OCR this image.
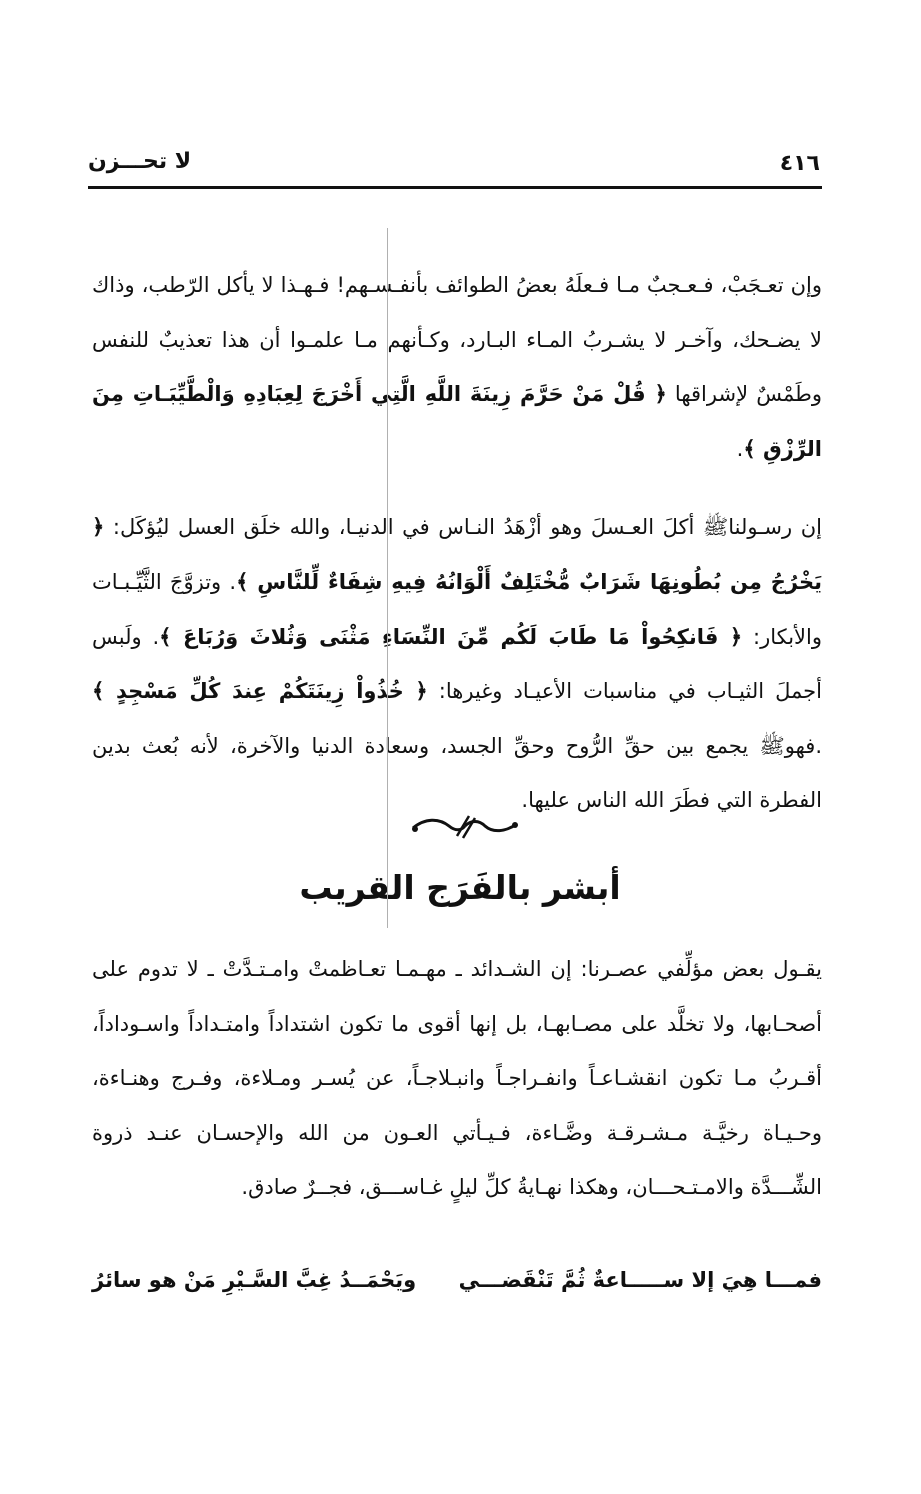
٤١٦
لا تحـــزن

وإن تعـجَبْ، فـعـجبٌ مـا فـعلَهُ بعضُ الطوائف بأنفـسـهم! فـهـذا لا يأكل الرّطب، وذاك لا يضـحك، وآخـر لا يشـربُ المـاء البـارد، وكـأنهم مـا علمـوا أن هذا تعذيبٌ للنفس وطَمْسٌ لإشراقها ﴿ قُلْ مَنْ حَرَّمَ زِينَةَ اللَّهِ الَّتِي أَخْرَجَ لِعِبَادِهِ وَالْطَّيِّبَـاتِ مِنَ الرِّزْقِ ﴾.

إن رسـولناﷺ أكلَ العـسلَ وهو أزْهَدُ النـاس في الدنيـا، والله خلَق العسل ليُؤكَل: ﴿ يَخْرُجُ مِن بُطُونِهَا شَرَابٌ مُّخْتَلِفٌ أَلْوَانُهُ فِيهِ شِفَاءٌ لِّلنَّاسِ ﴾. وتزوَّجَ الثَّيِّـبـات والأبكار: ﴿ فَانكِحُواْ مَا طَابَ لَكُم مِّنَ النِّسَاءِ مَثْنَى وَثُلاثَ وَرُبَاعَ ﴾. ولَبس أجملَ الثيـاب في مناسبات الأعيـاد وغيرها: ﴿ خُذُواْ زِينَتَكُمْ عِندَ كُلِّ مَسْجِدٍ ﴾ .فهوﷺ يجمع بين حقِّ الرُّوح وحقِّ الجسد، وسعادة الدنيا والآخرة، لأنه بُعث بدين الفطرة التي فطَرَ الله الناس عليها.

أبشر بالفَرَج القريب

يقـول بعض مؤلِّفي عصـرنا: إن الشـدائد ـ مهـمـا تعـاظمتْ وامـتـدَّتْ ـ لا تدوم على أصحـابها، ولا تخلَّد على مصـابهـا، بل إنها أقوى ما تكون اشتداداً وامتـداداً واسـوداداً، أقـربُ مـا تكون انقشـاعـاً وانفـراجـاً وانبـلاجـاً، عن يُسـر ومـلاءة، وفـرج وهنـاءة، وحـيـاة رخيَّـة مـشـرقـة وضَّـاءة، فـيـأتي العـون من الله والإحسـان عنـد ذروة الشِّـــدَّة والامـتـحـــان، وهكذا نهـايةُ كلِّ ليلٍ غـاســـق، فجــرٌ صادق.

فمـــا هِيَ إلا ســـــاعةٌ ثُمَّ تَنْقَضـــي
ويَحْمَــدُ غِبَّ السَّـيْرِ مَنْ هو سائرُ
